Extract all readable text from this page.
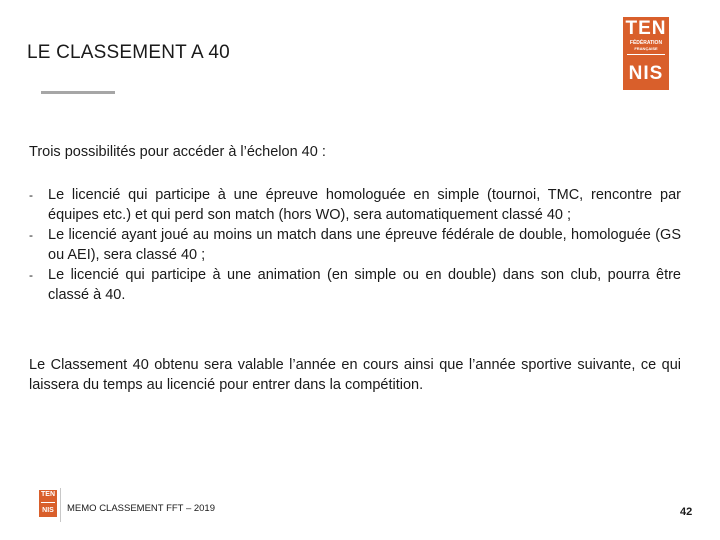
LE CLASSEMENT A 40
TEN
FÉDÉRATION
FRANÇAISE
NIS
Trois possibilités pour accéder à l’échelon 40 :
- Le licencié qui participe à une épreuve homologuée en simple (tournoi, TMC, rencontre par équipes etc.) et qui perd son match (hors WO), sera automatiquement classé 40 ;
- Le licencié ayant joué au moins un match dans une épreuve fédérale de double, homologuée (GS ou AEI), sera classé 40 ;
- Le licencié qui participe à une animation (en simple ou en double) dans son club, pourra être classé à 40.
Le Classement 40 obtenu sera valable l’année en cours ainsi que l’année sportive suivante, ce qui laissera du temps au licencié pour entrer dans la compétition.
TEN
NIS	MEMO CLASSEMENT FFT – 2019	42
